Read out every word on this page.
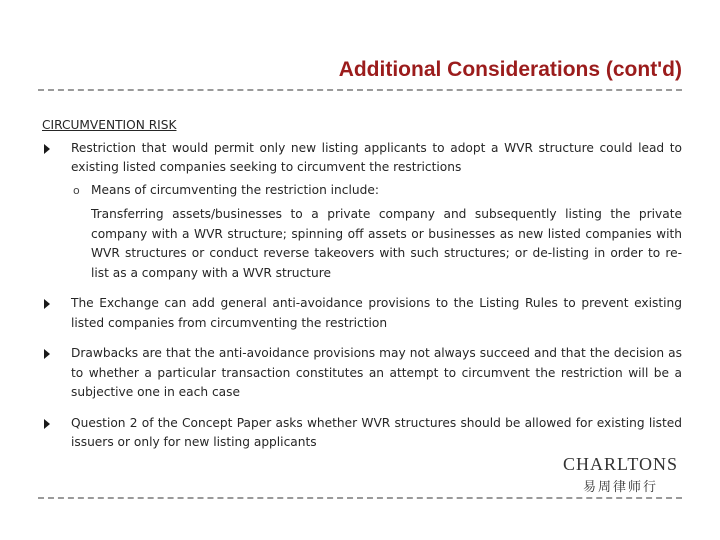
Additional Considerations (cont'd)
CIRCUMVENTION RISK
Restriction that would permit only new listing applicants to adopt a WVR structure could lead to existing listed companies seeking to circumvent the restrictions
o Means of circumventing the restriction include:
Transferring assets/businesses to a private company and subsequently listing the private company with a WVR structure; spinning off assets or businesses as new listed companies with WVR structures or conduct reverse takeovers with such structures; or de-listing in order to re-list as a company with a WVR structure
The Exchange can add general anti-avoidance provisions to the Listing Rules to prevent existing listed companies from circumventing the restriction
Drawbacks are that the anti-avoidance provisions may not always succeed and that the decision as to whether a particular transaction constitutes an attempt to circumvent the restriction will be a subjective one in each case
Question 2 of the Concept Paper asks whether WVR structures should be allowed for existing listed issuers or only for new listing applicants
CHARLTONS
易周律师行
